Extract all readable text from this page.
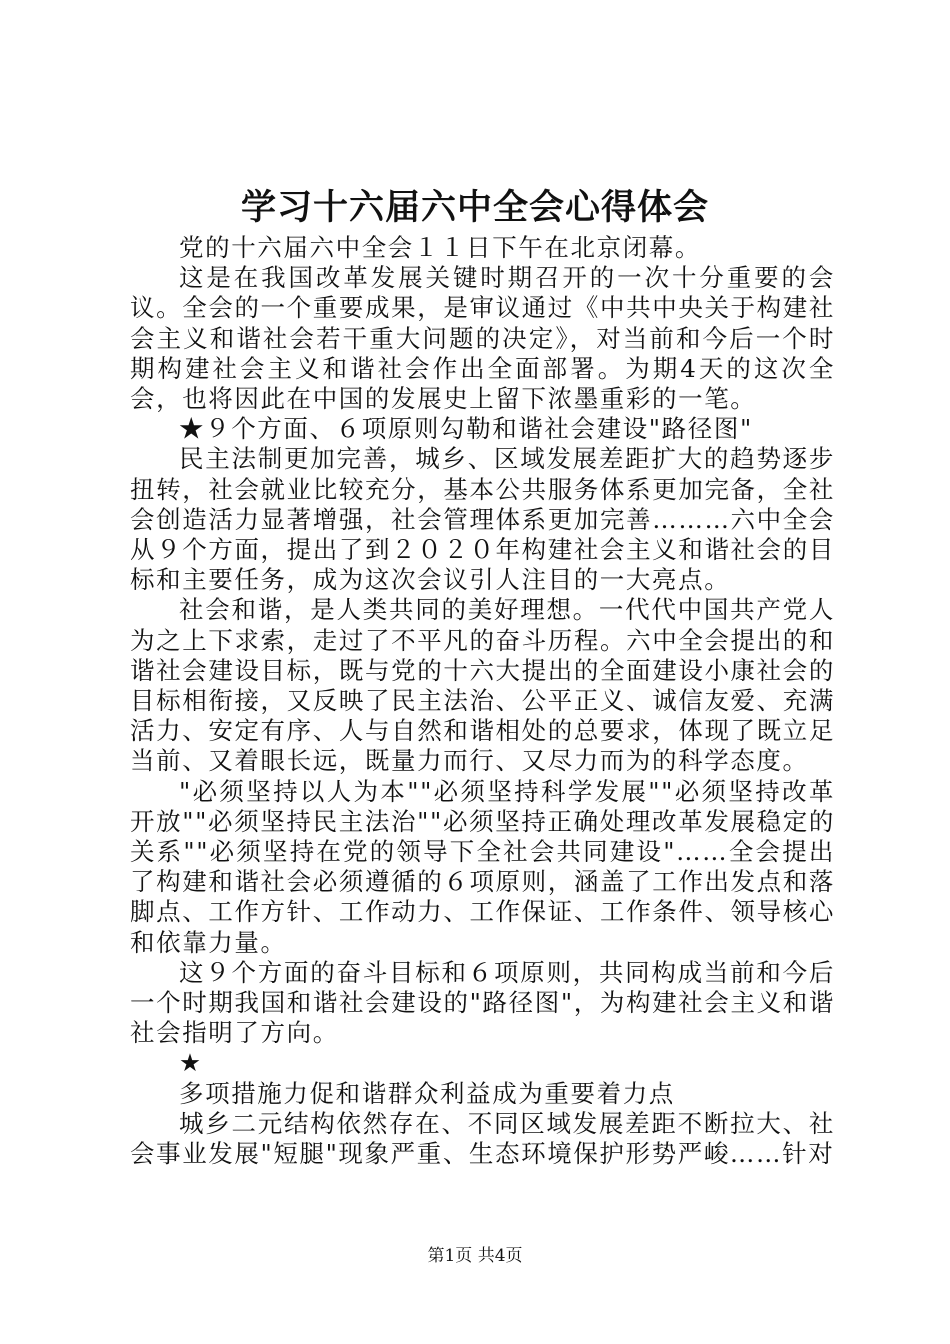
学习十六届六中全会心得体会

党的十六届六中全会１１日下午在北京闭幕。

这是在我国改革发展关键时期召开的一次十分重要的会议。全会的一个重要成果，是审议通过《中共中央关于构建社会主义和谐社会若干重大问题的决定》，对当前和今后一个时期构建社会主义和谐社会作出全面部署。为期4天的这次全会，也将因此在中国的发展史上留下浓墨重彩的一笔。

★９个方面、６项原则勾勒和谐社会建设"路径图"

民主法制更加完善，城乡、区域发展差距扩大的趋势逐步扭转，社会就业比较充分，基本公共服务体系更加完备，全社会创造活力显著增强，社会管理体系更加完善………六中全会从９个方面，提出了到２０２０年构建社会主义和谐社会的目标和主要任务，成为这次会议引人注目的一大亮点。

社会和谐，是人类共同的美好理想。一代代中国共产党人为之上下求索，走过了不平凡的奋斗历程。六中全会提出的和谐社会建设目标，既与党的十六大提出的全面建设小康社会的目标相衔接，又反映了民主法治、公平正义、诚信友爱、充满活力、安定有序、人与自然和谐相处的总要求，体现了既立足当前、又着眼长远，既量力而行、又尽力而为的科学态度。

"必须坚持以人为本""必须坚持科学发展""必须坚持改革开放""必须坚持民主法治""必须坚持正确处理改革发展稳定的关系""必须坚持在党的领导下全社会共同建设"……全会提出了构建和谐社会必须遵循的６项原则，涵盖了工作出发点和落脚点、工作方针、工作动力、工作保证、工作条件、领导核心和依靠力量。

这９个方面的奋斗目标和６项原则，共同构成当前和今后一个时期我国和谐社会建设的"路径图"，为构建社会主义和谐社会指明了方向。

★

多项措施力促和谐群众利益成为重要着力点

城乡二元结构依然存在、不同区域发展差距不断拉大、社会事业发展"短腿"现象严重、生态环境保护形势严峻……针对

第1页 共4页
